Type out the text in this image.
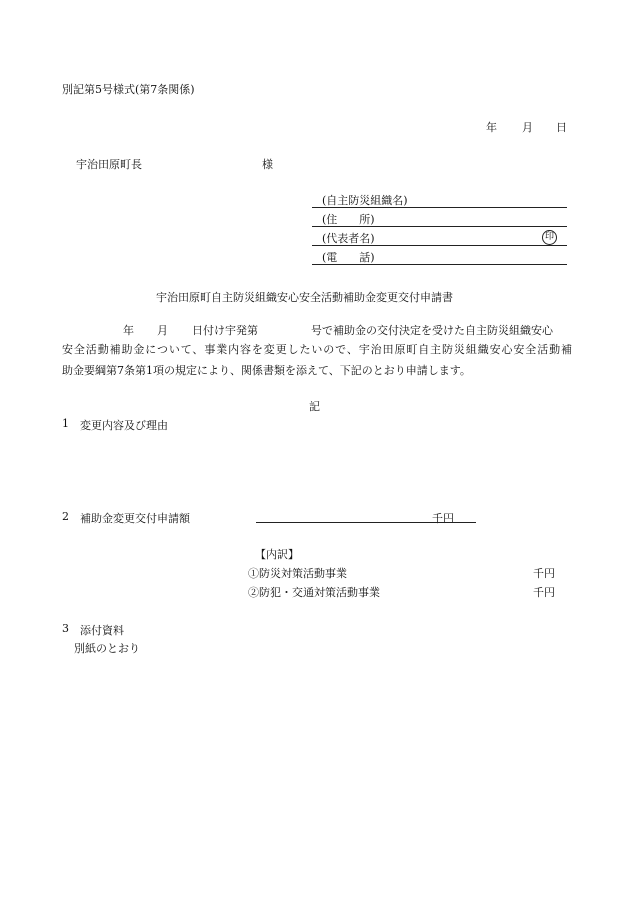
別記第5号様式(第7条関係)
年 月 日
宇治田原町長	様
(自主防災組織名)
(住　　所)
(代表者名)	印
(電　　話)
宇治田原町自主防災組織安心安全活動補助金変更交付申請書
年 月 日付け宇発第	号で補助金の交付決定を受けた自主防災組織安心
安全活動補助金について、事業内容を変更したいので、宇治田原町自主防災組織安心安全活動補
助金要綱第7条第1項の規定により、関係書類を添えて、下記のとおり申請します。
記
1 変更内容及び理由
2 補助金変更交付申請額	千円
【内訳】
①防災対策活動事業	千円
②防犯・交通対策活動事業	千円
3 添付資料
別紙のとおり
